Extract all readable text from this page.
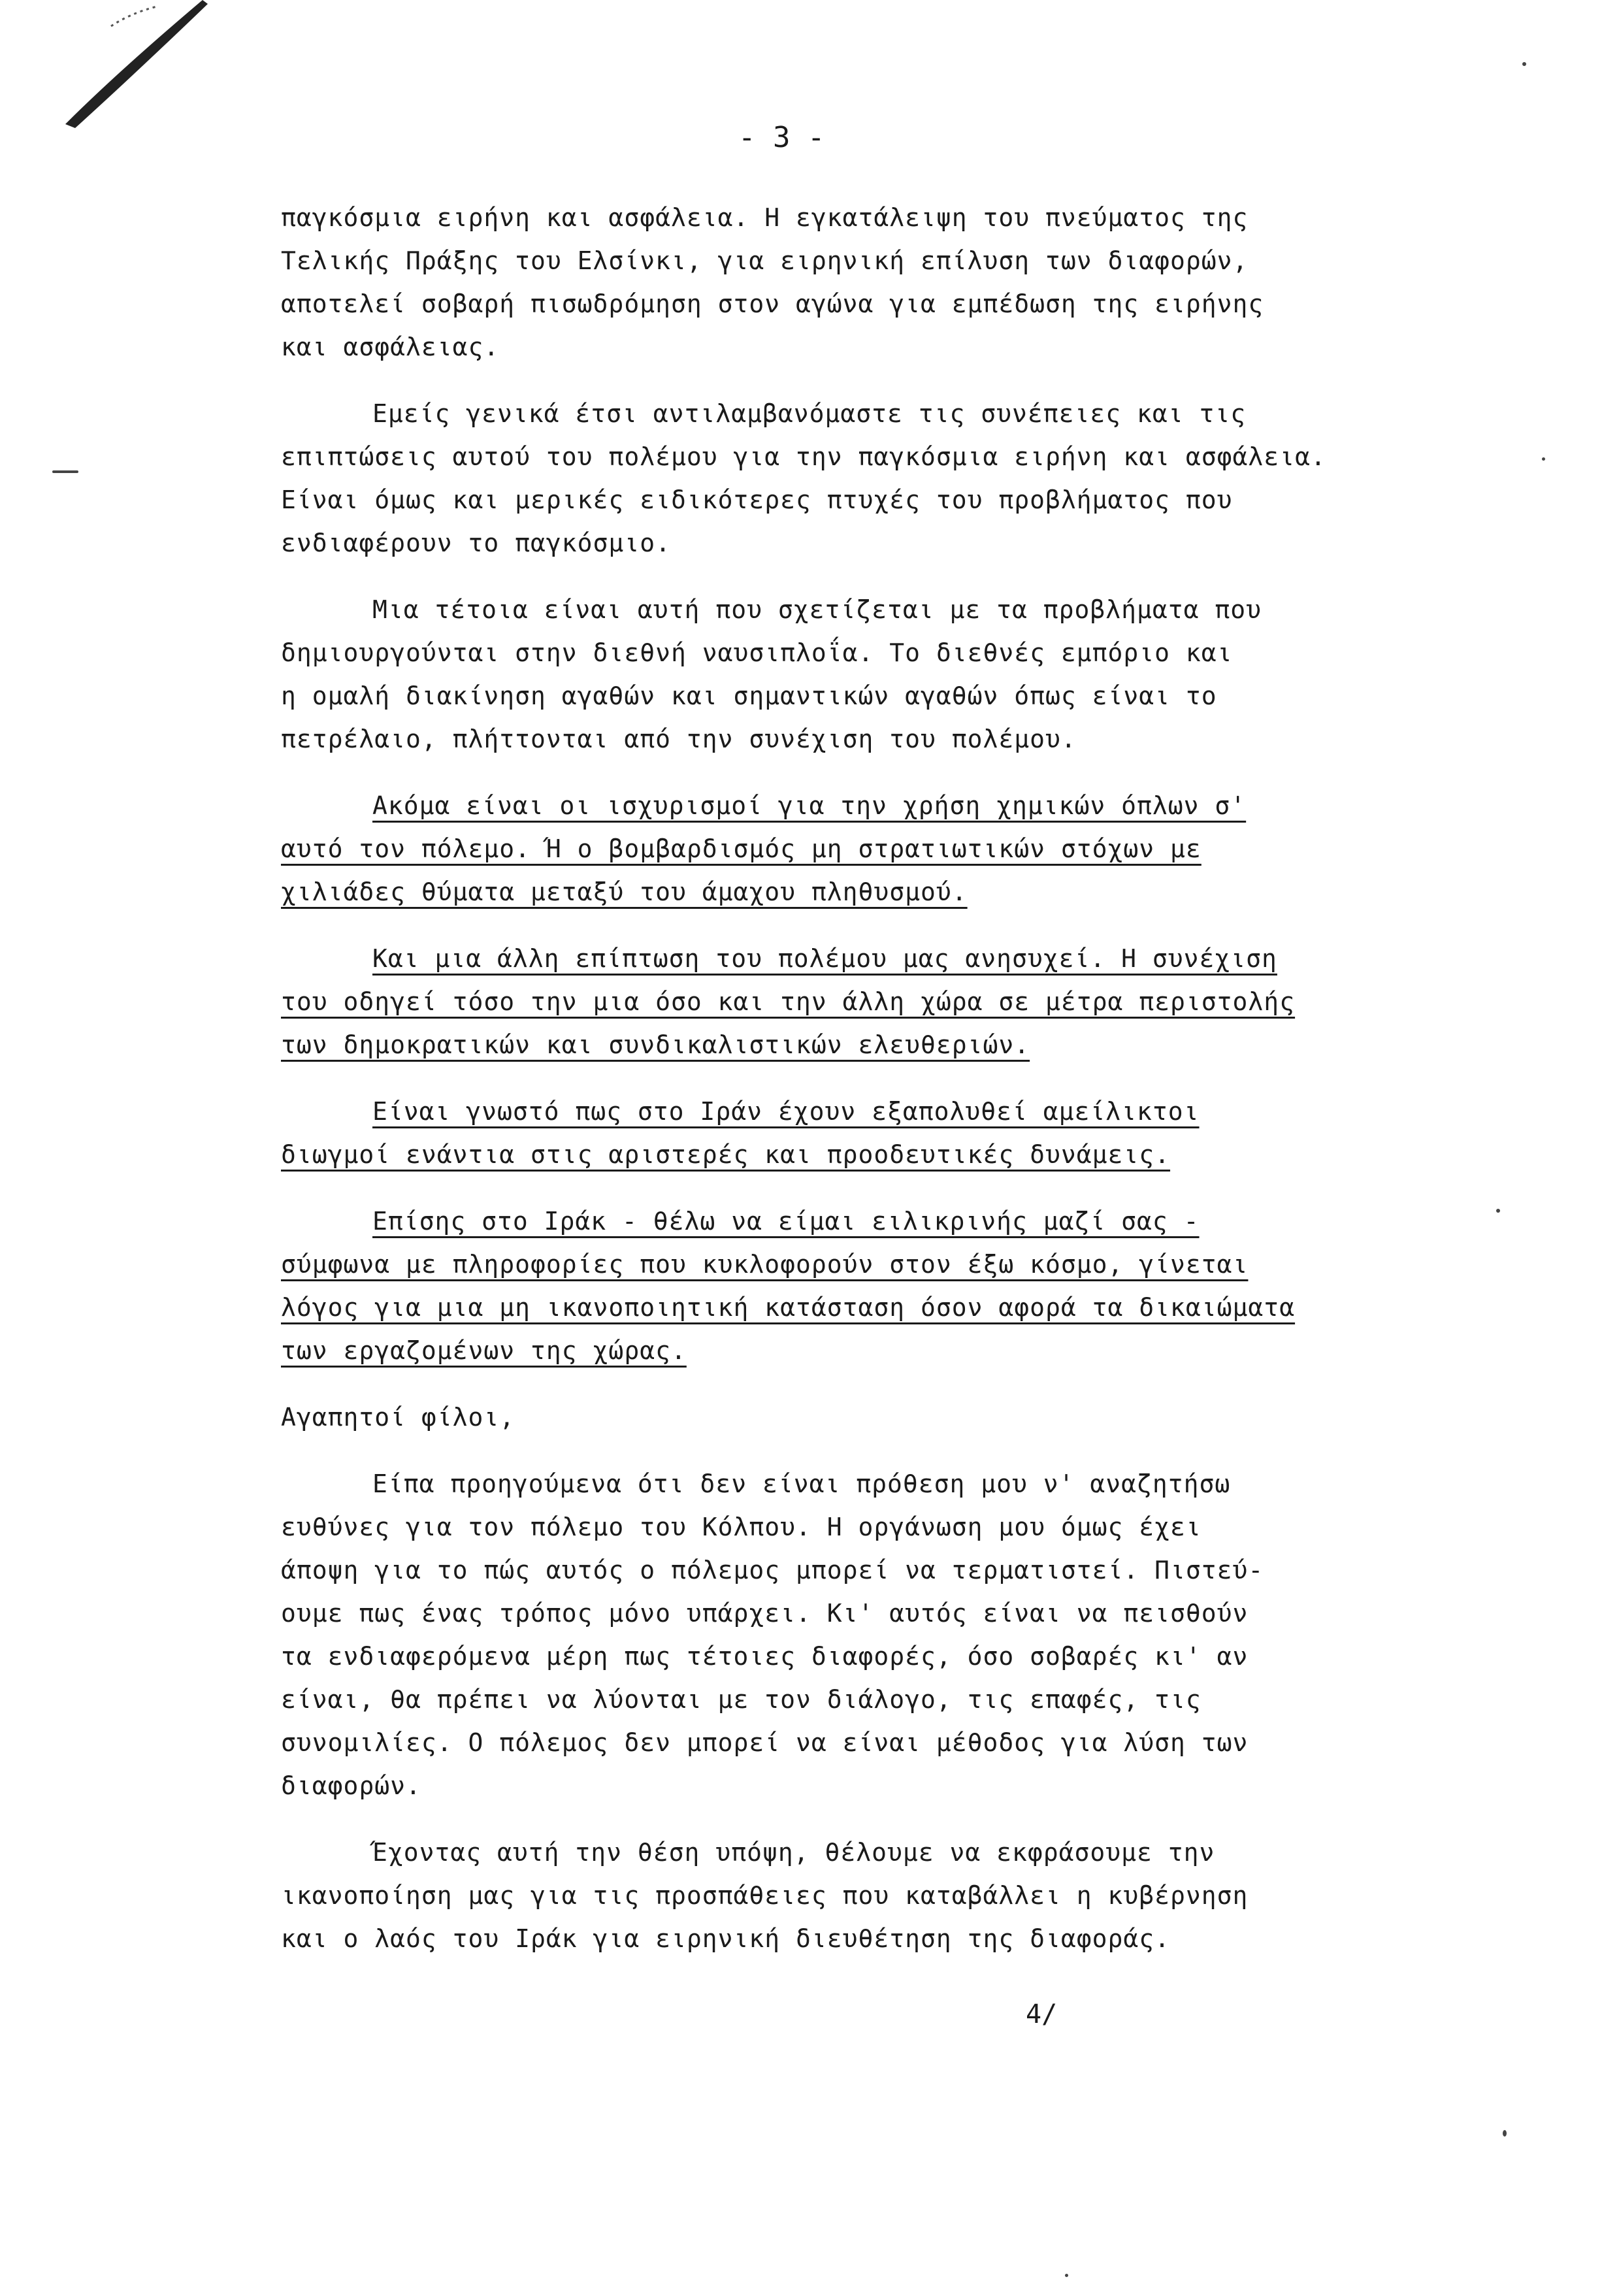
- 3 -
παγκόσμια ειρήνη και ασφάλεια. Η εγκατάλειψη του πνεύματος της
Τελικής Πράξης του Ελσίνκι, για ειρηνική επίλυση των διαφορών,
αποτελεί σοβαρή πισωδρόμηση στον αγώνα για εμπέδωση της ειρήνης
και ασφάλειας.
Εμείς γενικά έτσι αντιλαμβανόμαστε τις συνέπειες και τις
επιπτώσεις αυτού του πολέμου για την παγκόσμια ειρήνη και ασφάλεια.
Είναι όμως και μερικές ειδικότερες πτυχές του προβλήματος που
ενδιαφέρουν το παγκόσμιο.
Μια τέτοια είναι αυτή που σχετίζεται με τα προβλήματα που
δημιουργούνται στην διεθνή ναυσιπλοΐα. Το διεθνές εμπόριο και
η ομαλή διακίνηση αγαθών και σημαντικών αγαθών όπως είναι το
πετρέλαιο, πλήττονται από την συνέχιση του πολέμου.
Ακόμα είναι οι ισχυρισμοί για την χρήση χημικών όπλων σ'
αυτό τον πόλεμο. Ή ο βομβαρδισμός μη στρατιωτικών στόχων με
χιλιάδες θύματα μεταξύ του άμαχου πληθυσμού.
Και μια άλλη επίπτωση του πολέμου μας ανησυχεί. Η συνέχιση
του οδηγεί τόσο την μια όσο και την άλλη χώρα σε μέτρα περιστολής
των δημοκρατικών και συνδικαλιστικών ελευθεριών.
Είναι γνωστό πως στο Ιράν έχουν εξαπολυθεί αμείλικτοι
διωγμοί ενάντια στις αριστερές και προοδευτικές δυνάμεις.
Επίσης στο Ιράκ - θέλω να είμαι ειλικρινής μαζί σας -
σύμφωνα με πληροφορίες που κυκλοφορούν στον έξω κόσμο, γίνεται
λόγος για μια μη ικανοποιητική κατάσταση όσον αφορά τα δικαιώματα
των εργαζομένων της χώρας.
Αγαπητοί φίλοι,
Είπα προηγούμενα ότι δεν είναι πρόθεση μου ν' αναζητήσω
ευθύνες για τον πόλεμο του Κόλπου. Η οργάνωση μου όμως έχει
άποψη για το πώς αυτός ο πόλεμος μπορεί να τερματιστεί. Πιστεύ-
ουμε πως ένας τρόπος μόνο υπάρχει. Κι' αυτός είναι να πεισθούν
τα ενδιαφερόμενα μέρη πως τέτοιες διαφορές, όσο σοβαρές κι' αν
είναι, θα πρέπει να λύονται με τον διάλογο, τις επαφές, τις
συνομιλίες. Ο πόλεμος δεν μπορεί να είναι μέθοδος για λύση των
διαφορών.
Έχοντας αυτή την θέση υπόψη, θέλουμε να εκφράσουμε την
ικανοποίηση μας για τις προσπάθειες που καταβάλλει η κυβέρνηση
και ο λαός του Ιράκ για ειρηνική διευθέτηση της διαφοράς.
4/
